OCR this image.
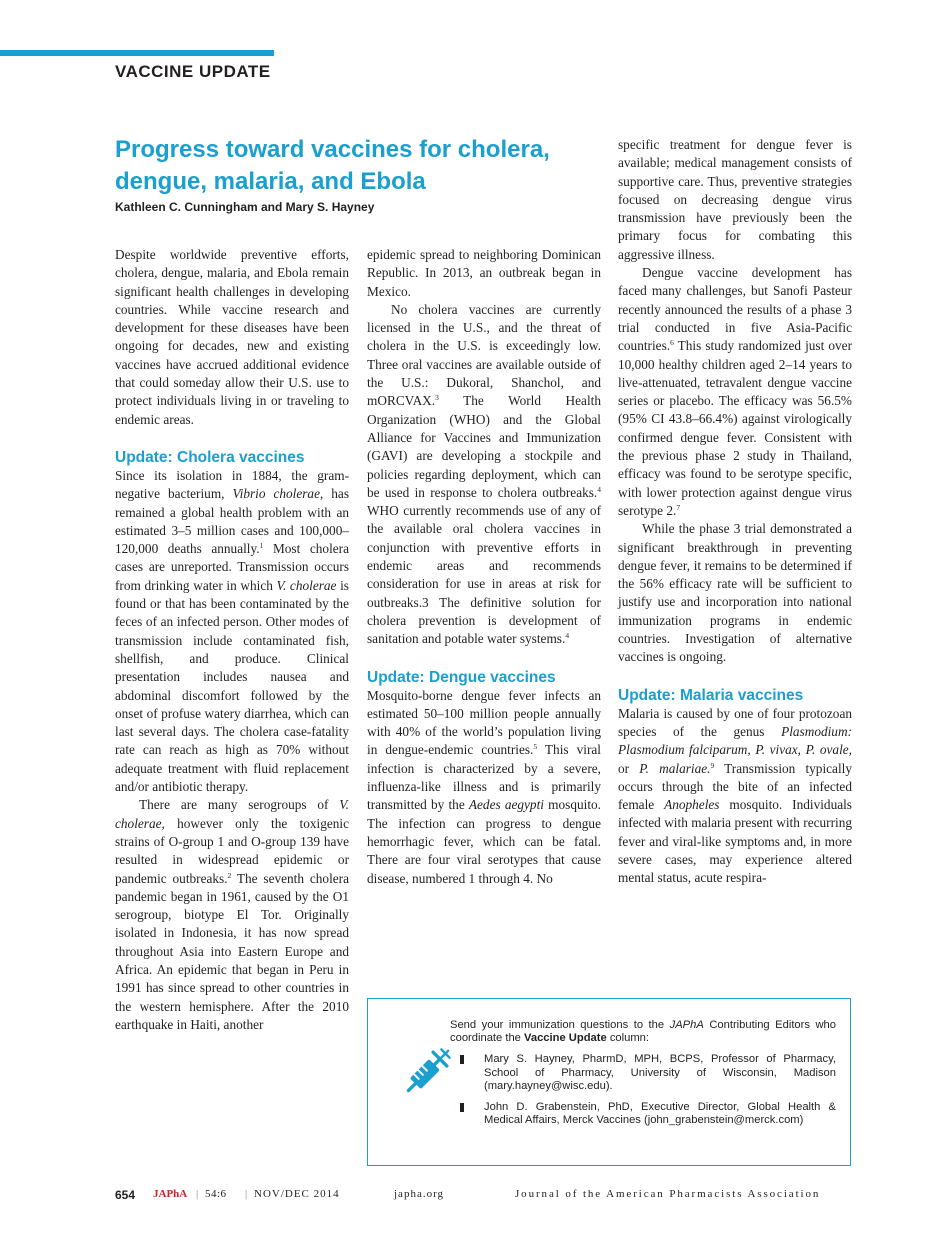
VACCINE UPDATE
Progress toward vaccines for cholera, dengue, malaria, and Ebola
Kathleen C. Cunningham and Mary S. Hayney

Despite worldwide preventive efforts, cholera, dengue, malaria, and Ebola remain significant health challenges in developing countries. While vaccine research and development for these diseases have been ongoing for decades, new and existing vaccines have accrued additional evidence that could someday allow their U.S. use to protect individuals living in or traveling to endemic areas.

Update: Cholera vaccines

Since its isolation in 1884, the gram-negative bacterium, Vibrio cholerae, has remained a global health problem with an estimated 3–5 million cases and 100,000–120,000 deaths annually.$^1$ Most cholera cases are unreported. Transmission occurs from drinking water in which V. cholerae is found or that has been contaminated by the feces of an infected person. Other modes of transmission include contaminated fish, shellfish, and produce. Clinical presentation includes nausea and abdominal discomfort followed by the onset of profuse watery diarrhea, which can last several days. The cholera case-fatality rate can reach as high as 70% without adequate treatment with fluid replacement and/or antibiotic therapy.

There are many serogroups of V. cholerae, however only the toxigenic strains of O-group 1 and O-group 139 have resulted in widespread epidemic or pandemic outbreaks.$^2$ The seventh cholera pandemic began in 1961, caused by the O1 serogroup, biotype El Tor. Originally isolated in Indonesia, it has now spread throughout Asia into Eastern Europe and Africa. An epidemic that began in Peru in 1991 has since spread to other countries in the western hemisphere. After the 2010 earthquake in Haiti, another

epidemic spread to neighboring Dominican Republic. In 2013, an outbreak began in Mexico.

No cholera vaccines are currently licensed in the U.S., and the threat of cholera in the U.S. is exceedingly low. Three oral vaccines are available outside of the U.S.: Dukoral, Shanchol, and mORCVAX.$^3$ The World Health Organization (WHO) and the Global Alliance for Vaccines and Immunization (GAVI) are developing a stockpile and policies regarding deployment, which can be used in response to cholera outbreaks.$^4$ WHO currently recommends use of any of the available oral cholera vaccines in conjunction with preventive efforts in endemic areas and recommends consideration for use in areas at risk for outbreaks.3 The definitive solution for cholera prevention is development of sanitation and potable water systems.$^4$

Update: Dengue vaccines

Mosquito-borne dengue fever infects an estimated 50–100 million people annually with 40% of the world’s population living in dengue-endemic countries.$^5$ This viral infection is characterized by a severe, influenza-like illness and is primarily transmitted by the Aedes aegypti mosquito. The infection can progress to dengue hemorrhagic fever, which can be fatal. There are four viral serotypes that cause disease, numbered 1 through 4. No

specific treatment for dengue fever is available; medical management consists of supportive care. Thus, preventive strategies focused on decreasing dengue virus transmission have previously been the primary focus for combating this aggressive illness.

Dengue vaccine development has faced many challenges, but Sanofi Pasteur recently announced the results of a phase 3 trial conducted in five Asia-Pacific countries.$^6$ This study randomized just over 10,000 healthy children aged 2–14 years to live-attenuated, tetravalent dengue vaccine series or placebo. The efficacy was 56.5% (95% CI 43.8–66.4%) against virologically confirmed dengue fever. Consistent with the previous phase 2 study in Thailand, efficacy was found to be serotype specific, with lower protection against dengue virus serotype 2.$^7$

While the phase 3 trial demonstrated a significant breakthrough in preventing dengue fever, it remains to be determined if the 56% efficacy rate will be sufficient to justify use and incorporation into national immunization programs in endemic countries. Investigation of alternative vaccines is ongoing.

Update: Malaria vaccines

Malaria is caused by one of four protozoan species of the genus Plasmodium: Plasmodium falciparum, P. vivax, P. ovale, or P. malariae.$^9$ Transmission typically occurs through the bite of an infected female Anopheles mosquito. Individuals infected with malaria present with recurring fever and viral-like symptoms and, in more severe cases, may experience altered mental status, acute respira-

Send your immunization questions to the JAPhA Contributing Editors who coordinate the Vaccine Update column:

Mary S. Hayney, PharmD, MPH, BCPS, Professor of Pharmacy, School of Pharmacy, University of Wisconsin, Madison (mary.hayney@wisc.edu).

John D. Grabenstein, PhD, Executive Director, Global Health & Medical Affairs, Merck Vaccines (john_grabenstein@merck.com)

654 JAPhA | 54:6 | NOV/DEC 2014	japha.org	Journal of the American Pharmacists Association
